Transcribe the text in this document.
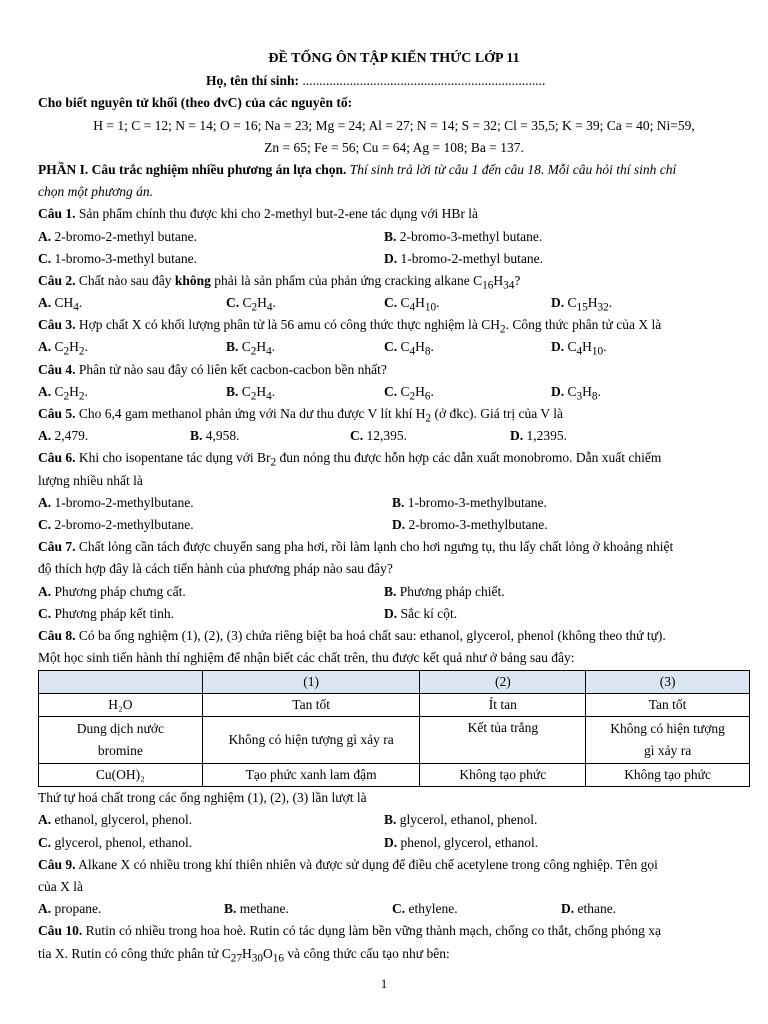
ĐỀ TỔNG ÔN TẬP KIẾN THỨC LỚP 11
Họ, tên thí sinh: ........................................................................
Cho biết nguyên tử khối (theo đvC) của các nguyên tố:
H = 1; C = 12; N = 14; O = 16; Na = 23; Mg = 24; Al = 27; N = 14; S = 32; Cl = 35,5; K = 39; Ca = 40; Ni=59,
Zn = 65; Fe = 56; Cu = 64; Ag = 108; Ba = 137.
PHẦN I. Câu trắc nghiệm nhiều phương án lựa chọn. Thí sinh trả lời từ câu 1 đến câu 18. Mỗi câu hỏi thí sinh chỉ
chọn một phương án.
Câu 1. Sản phẩm chính thu được khi cho 2-methyl but-2-ene tác dụng với HBr là
A. 2-bromo-2-methyl butane.	B. 2-bromo-3-methyl butane.
C. 1-bromo-3-methyl butane.	D. 1-bromo-2-methyl butane.
Câu 2. Chất nào sau đây không phải là sản phẩm của phản ứng cracking alkane $C_{16}H_{34}$?
A. $CH_4$.	C. $C_2H_4$.	C. $C_4H_{10}$.	D. $C_{15}H_{32}$.
Câu 3. Hợp chất X có khối lượng phân tử là 56 amu có công thức thực nghiệm là $CH_2$. Công thức phân tử của X là
A. $C_2H_2$.	B. $C_2H_4$.	C. $C_4H_8$.	D. $C_4H_{10}$.
Câu 4. Phân tử nào sau đây có liên kết cacbon-cacbon bền nhất?
A. $C_2H_2$.	B. $C_2H_4$.	C. $C_2H_6$.	D. $C_3H_8$.
Câu 5. Cho 6,4 gam methanol phản ứng với Na dư thu được V lít khí $H_2$ (ở đkc). Giá trị của V là
A. 2,479.	B. 4,958.	C. 12,395.	D. 1,2395.
Câu 6. Khi cho isopentane tác dụng với $Br_2$ đun nóng thu được hỗn hợp các dẫn xuất monobromo. Dẫn xuất chiếm
lượng nhiều nhất là
A. 1-bromo-2-methylbutane.	B. 1-bromo-3-methylbutane.
C. 2-bromo-2-methylbutane.	D. 2-bromo-3-methylbutane.
Câu 7. Chất lỏng cần tách được chuyển sang pha hơi, rồi làm lạnh cho hơi ngưng tụ, thu lấy chất lỏng ở khoảng nhiệt
độ thích hợp đây là cách tiến hành của phương pháp nào sau đây?
A. Phương pháp chưng cất.	B. Phương pháp chiết.
C. Phương pháp kết tinh.	D. Sắc kí cột.
Câu 8. Có ba ống nghiệm (1), (2), (3) chứa riêng biệt ba hoá chất sau: ethanol, glycerol, phenol (không theo thứ tự).
Một học sinh tiến hành thí nghiệm để nhận biết các chất trên, thu được kết quả như ở bảng sau đây:
	(1)	(2)	(3)
H₂O	Tan tốt	Ít tan	Tan tốt
Dung dịch nước bromine	Không có hiện tượng gì xảy ra	Kết tủa trắng	Không có hiện tượng gì xảy ra
Cu(OH)₂	Tạo phức xanh lam đậm	Không tạo phức	Không tạo phức
Thứ tự hoá chất trong các ống nghiệm (1), (2), (3) lần lượt là
A. ethanol, glycerol, phenol.	B. glycerol, ethanol, phenol.
C. glycerol, phenol, ethanol.	D. phenol, glycerol, ethanol.
Câu 9. Alkane X có nhiều trong khí thiên nhiên và được sử dụng để điều chế acetylene trong công nghiệp. Tên gọi
của X là
A. propane.	B. methane.	C. ethylene.	D. ethane.
Câu 10. Rutin có nhiều trong hoa hoè. Rutin có tác dụng làm bền vững thành mạch, chống co thắt, chống phóng xạ
tia X. Rutin có công thức phân tử $C_{27}H_{30}O_{16}$ và công thức cấu tạo như bên:
1
